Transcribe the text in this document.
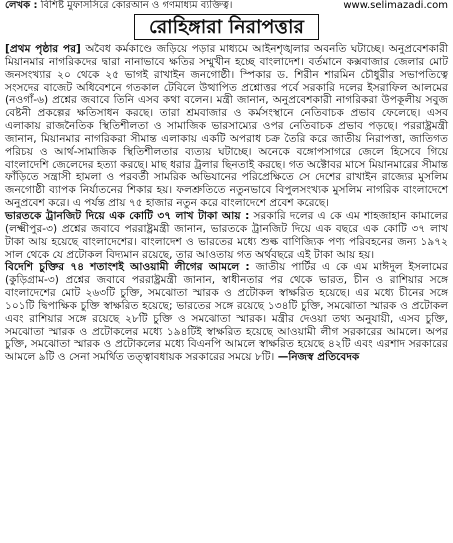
লেখক : বিশিষ্ট মুফাসসিরে কোরআন ও গণমাধ্যম ব্যক্তিত্ব।	www.selimazadi.com
রোহিঙ্গারা নিরাপত্তার

[প্রথম পৃষ্ঠার পর] অবৈধ কর্মকাণ্ডে জড়িয়ে পড়ার মাধ্যমে আইনশৃঙ্খলার অবনতি ঘটাচ্ছে। অনুপ্রবেশকারী মিয়ানমার নাগরিকদের দ্বারা নানাভাবে ক্ষতির সম্মুখীন হচ্ছে বাংলাদেশ। বর্তমানে কক্সবাজার জেলার মোট জনসংখ্যার ২০ থেকে ২৫ ভাগই রাখাইন জনগোষ্ঠী। স্পিকার ড. শিরীন শারমিন চৌধুরীর সভাপতিত্বে সংসদের বাজেট অধিবেশনে গতকাল টেবিলে উত্থাপিত প্রশ্নোত্তর পর্বে সরকারি দলের ইসরাফিল আলমের (নওগাঁ-৬) প্রশ্নের জবাবে তিনি এসব কথা বলেন। মন্ত্রী জানান, অনুপ্রবেশকারী নাগরিকরা উপকূলীয় সবুজ বেষ্টনী প্রকল্পের ক্ষতিসাধন করছে। তারা শ্রমবাজার ও কর্মসংস্থানে নেতিবাচক প্রভাব ফেলেছে। এসব এলাকায় রাজনৈতিক স্থিতিশীলতা ও সামাজিক ভারসাম্যের ওপর নেতিবাচক প্রভাব পড়ছে। পররাষ্ট্রমন্ত্রী জানান, মিয়ানমার নাগরিকরা সীমান্ত এলাকায় একটি অপরাধ চক্র তৈরি করে জাতীয় নিরাপত্তা, জাতিগত পরিচয় ও আর্থ-সামাজিক স্থিতিশীলতার ব্যত্যয় ঘটাচ্ছে। অনেকে বঙ্গোপসাগরে জেলে হিসেবে গিয়ে বাংলাদেশি জেলেদের হত্যা করছে। মাছ ধরার ট্রলার ছিনতাই করছে। গত অক্টোবর মাসে মিয়ানমারের সীমান্ত ফাঁড়িতে সন্ত্রাসী হামলা ও পরবর্তী সামরিক অভিযানের পরিপ্রেক্ষিতে সে দেশের রাখাইন রাজ্যের মুসলিম জনগোষ্ঠী ব্যাপক নির্যাতনের শিকার হয়। ফলশ্রুতিতে নতুনভাবে বিপুলসংখ্যক মুসলিম নাগরিক বাংলাদেশে অনুপ্রবেশ করে। এ পর্যন্ত প্রায় ৭৫ হাজার নতুন করে বাংলাদেশে প্রবেশ করেছে।

ভারতকে ট্রানজিট দিয়ে এক কোটি ৩৭ লাখ টাকা আয় : সরকারি দলের এ কে এম শাহজাহান কামালের (লক্ষ্মীপুর-৩) প্রশ্নের জবাবে পররাষ্ট্রমন্ত্রী জানান, ভারতকে ট্রানজিট দিয়ে এক বছরে এক কোটি ৩৭ লাখ টাকা আয় হয়েছে বাংলাদেশের। বাংলাদেশ ও ভারতের মধ্যে শুল্ক বাণিজ্যিক পণ্য পরিবহনের জন্য ১৯৭২ সাল থেকে যে প্রটোকল বিদ্যমান রয়েছে, তার আওতায় গত অর্থবছরে এই টাকা আয় হয়।

বিদেশি চুক্তির ৭৪ শতাংশই আওয়ামী লীগের আমলে : জাতীয় পার্টির এ কে এম মাঈদুল ইসলামের (কুড়িগ্রাম-৩) প্রশ্নের জবাবে পররাষ্ট্রমন্ত্রী জানান, স্বাধীনতার পর থেকে ভারত, চীন ও রাশিয়ার সঙ্গে বাংলাদেশের মোট ২৬৩টি চুক্তি, সমঝোতা স্মারক ও প্রটোকল স্বাক্ষরিত হয়েছে। এর মধ্যে চীনের সঙ্গে ১০১টি দ্বিপাক্ষিক চুক্তি স্বাক্ষরিত হয়েছে; ভারতের সঙ্গে রয়েছে ১৩৪টি চুক্তি, সমঝোতা স্মারক ও প্রটোকল এবং রাশিয়ার সঙ্গে রয়েছে ২৮টি চুক্তি ও সমঝোতা স্মারক। মন্ত্রীর দেওয়া তথ্য অনুযায়ী, এসব চুক্তি, সমঝোতা স্মারক ও প্রটোকলের মধ্যে ১৯৪টিই স্বাক্ষরিত হয়েছে আওয়ামী লীগ সরকারের আমলে। অপর চুক্তি, সমঝোতা স্মারক ও প্রটোকলের মধ্যে বিএনপি আমলে স্বাক্ষরিত হয়েছে ৪২টি এবং এরশাদ সরকারের আমলে ৯টি ও সেনা সমর্থিত তত্ত্বাবধায়ক সরকারের সময়ে ৮টি। —নিজস্ব প্রতিবেদক
